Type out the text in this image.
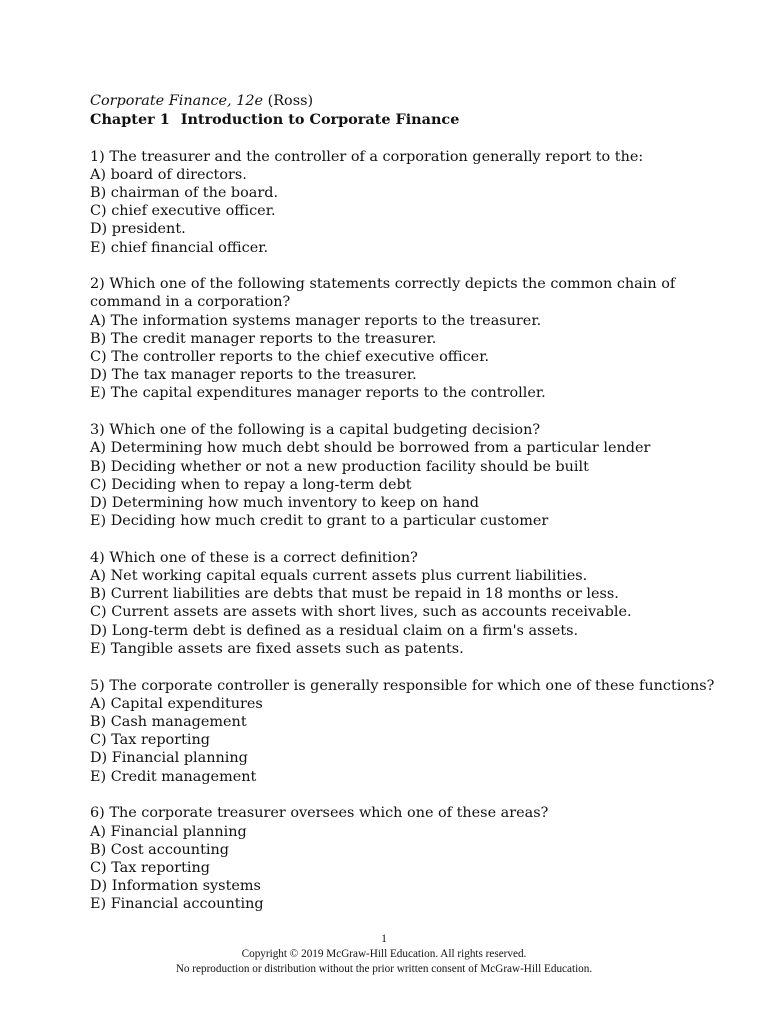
Corporate Finance, 12e (Ross)
Chapter 1 Introduction to Corporate Finance
1) The treasurer and the controller of a corporation generally report to the:
A) board of directors.
B) chairman of the board.
C) chief executive officer.
D) president.
E) chief financial officer.
2) Which one of the following statements correctly depicts the common chain of command in a corporation?
A) The information systems manager reports to the treasurer.
B) The credit manager reports to the treasurer.
C) The controller reports to the chief executive officer.
D) The tax manager reports to the treasurer.
E) The capital expenditures manager reports to the controller.
3) Which one of the following is a capital budgeting decision?
A) Determining how much debt should be borrowed from a particular lender
B) Deciding whether or not a new production facility should be built
C) Deciding when to repay a long-term debt
D) Determining how much inventory to keep on hand
E) Deciding how much credit to grant to a particular customer
4) Which one of these is a correct definition?
A) Net working capital equals current assets plus current liabilities.
B) Current liabilities are debts that must be repaid in 18 months or less.
C) Current assets are assets with short lives, such as accounts receivable.
D) Long-term debt is defined as a residual claim on a firm's assets.
E) Tangible assets are fixed assets such as patents.
5) The corporate controller is generally responsible for which one of these functions?
A) Capital expenditures
B) Cash management
C) Tax reporting
D) Financial planning
E) Credit management
6) The corporate treasurer oversees which one of these areas?
A) Financial planning
B) Cost accounting
C) Tax reporting
D) Information systems
E) Financial accounting
1
Copyright © 2019 McGraw-Hill Education. All rights reserved.
No reproduction or distribution without the prior written consent of McGraw-Hill Education.
